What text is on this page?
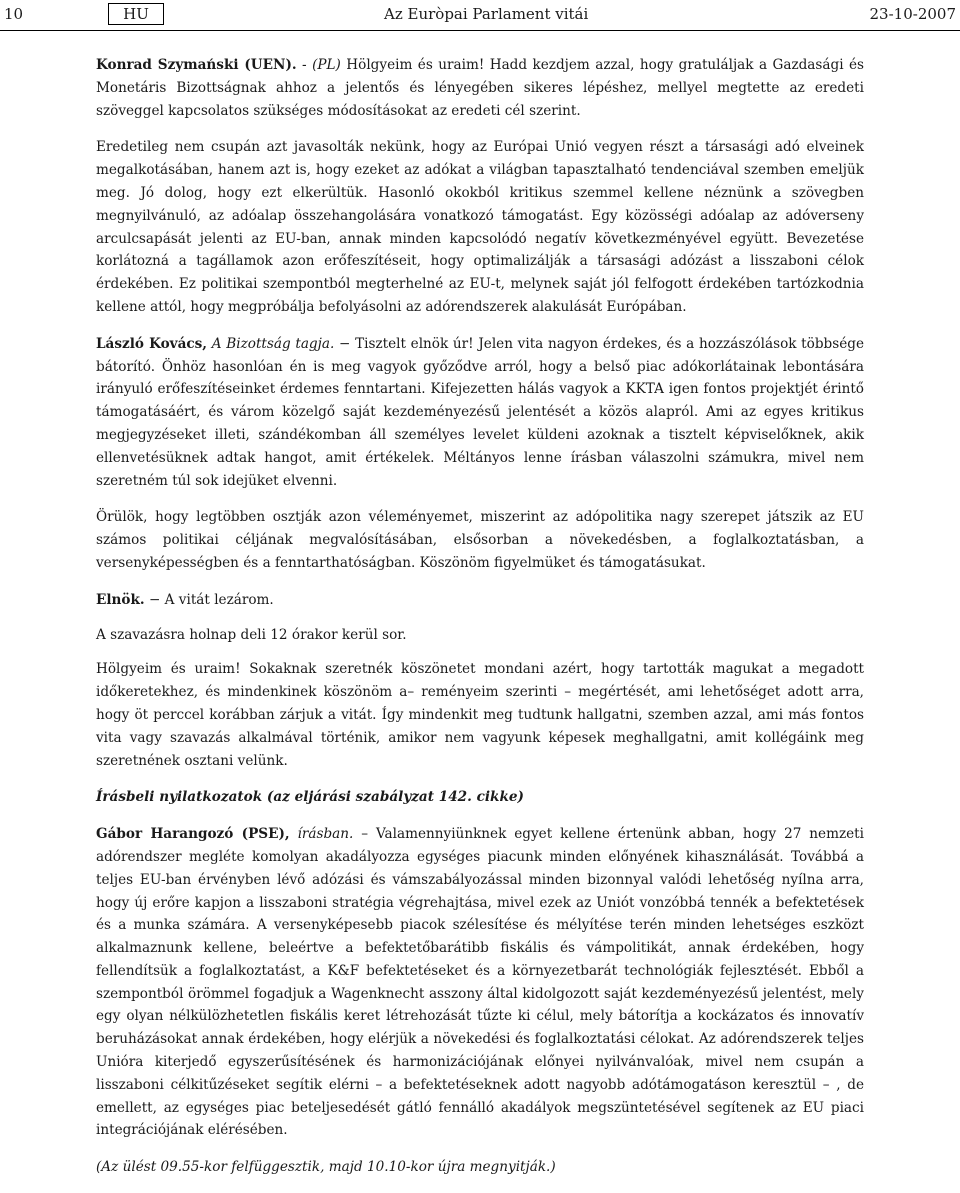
10	HU	Az Euròpai Parlament vitái	23-10-2007

Konrad Szymański (UEN). - (PL) Hölgyeim és uraim! Hadd kezdjem azzal, hogy gratuláljak a Gazdasági és Monetáris Bizottságnak ahhoz a jelentős és lényegében sikeres lépéshez, mellyel megtette az eredeti szöveggel kapcsolatos szükséges módosításokat az eredeti cél szerint.

Eredetileg nem csupán azt javasolták nekünk, hogy az Európai Unió vegyen részt a társasági adó elveinek megalkotásában, hanem azt is, hogy ezeket az adókat a világban tapasztalható tendenciával szemben emeljük meg. Jó dolog, hogy ezt elkerültük. Hasonló okokból kritikus szemmel kellene néznünk a szövegben megnyilvánuló, az adóalap összehangolására vonatkozó támogatást. Egy közösségi adóalap az adóverseny arculcsapását jelenti az EU-ban, annak minden kapcsolódó negatív következményével együtt. Bevezetése korlátozná a tagállamok azon erőfeszítéseit, hogy optimalizálják a társasági adózást a lisszaboni célok érdekében. Ez politikai szempontból megterhelné az EU-t, melynek saját jól felfogott érdekében tartózkodnia kellene attól, hogy megpróbálja befolyásolni az adórendszerek alakulását Európában.

László Kovács, A Bizottság tagja. − Tisztelt elnök úr! Jelen vita nagyon érdekes, és a hozzászólások többsége bátorító. Önhöz hasonlóan én is meg vagyok győződve arról, hogy a belső piac adókorlátainak lebontására irányuló erőfeszítéseinket érdemes fenntartani. Kifejezetten hálás vagyok a KKTA igen fontos projektjét érintő támogatásáért, és várom közelgő saját kezdeményezésű jelentését a közös alapról. Ami az egyes kritikus megjegyzéseket illeti, szándékomban áll személyes levelet küldeni azoknak a tisztelt képviselőknek, akik ellenvetésüknek adtak hangot, amit értékelek. Méltányos lenne írásban válaszolni számukra, mivel nem szeretném túl sok idejüket elvenni.

Örülök, hogy legtöbben osztják azon véleményemet, miszerint az adópolitika nagy szerepet játszik az EU számos politikai céljának megvalósításában, elsősorban a növekedésben, a foglalkoztatásban, a versenyképességben és a fenntarthatóságban. Köszönöm figyelmüket és támogatásukat.

Elnök. − A vitát lezárom.

A szavazásra holnap deli 12 órakor kerül sor.

Hölgyeim és uraim! Sokaknak szeretnék köszönetet mondani azért, hogy tartották magukat a megadott időkeretekhez, és mindenkinek köszönöm a– reményeim szerinti – megértését, ami lehetőséget adott arra, hogy öt perccel korábban zárjuk a vitát. Így mindenkit meg tudtunk hallgatni, szemben azzal, ami más fontos vita vagy szavazás alkalmával történik, amikor nem vagyunk képesek meghallgatni, amit kollégáink meg szeretnének osztani velünk.

Írásbeli nyilatkozatok (az eljárási szabályzat 142. cikke)

Gábor Harangozó (PSE), írásban. – Valamennyiünknek egyet kellene értenünk abban, hogy 27 nemzeti adórendszer megléte komolyan akadályozza egységes piacunk minden előnyének kihasználását. Továbbá a teljes EU-ban érvényben lévő adózási és vámszabályozással minden bizonnyal valódi lehetőség nyílna arra, hogy új erőre kapjon a lisszaboni stratégia végrehajtása, mivel ezek az Uniót vonzóbbá tennék a befektetések és a munka számára. A versenyképesebb piacok szélesítése és mélyítése terén minden lehetséges eszközt alkalmaznunk kellene, beleértve a befektetőbarátibb fiskális és vámpolitikát, annak érdekében, hogy fellendítsük a foglalkoztatást, a K&F befektetéseket és a környezetbarát technológiák fejlesztését. Ebből a szempontból örömmel fogadjuk a Wagenknecht asszony által kidolgozott saját kezdeményezésű jelentést, mely egy olyan nélkülözhetetlen fiskális keret létrehozását tűzte ki célul, mely bátorítja a kockázatos és innovatív beruházásokat annak érdekében, hogy elérjük a növekedési és foglalkoztatási célokat. Az adórendszerek teljes Unióra kiterjedő egyszerűsítésének és harmonizációjának előnyei nyilvánvalóak, mivel nem csupán a lisszaboni célkitűzéseket segítik elérni – a befektetéseknek adott nagyobb adótámogatáson keresztül – , de emellett, az egységes piac beteljesedését gátló fennálló akadályok megszüntetésével segítenek az EU piaci integrációjának elérésében.

(Az ülést 09.55-kor felfüggesztik, majd 10.10-kor újra megnyitják.)
